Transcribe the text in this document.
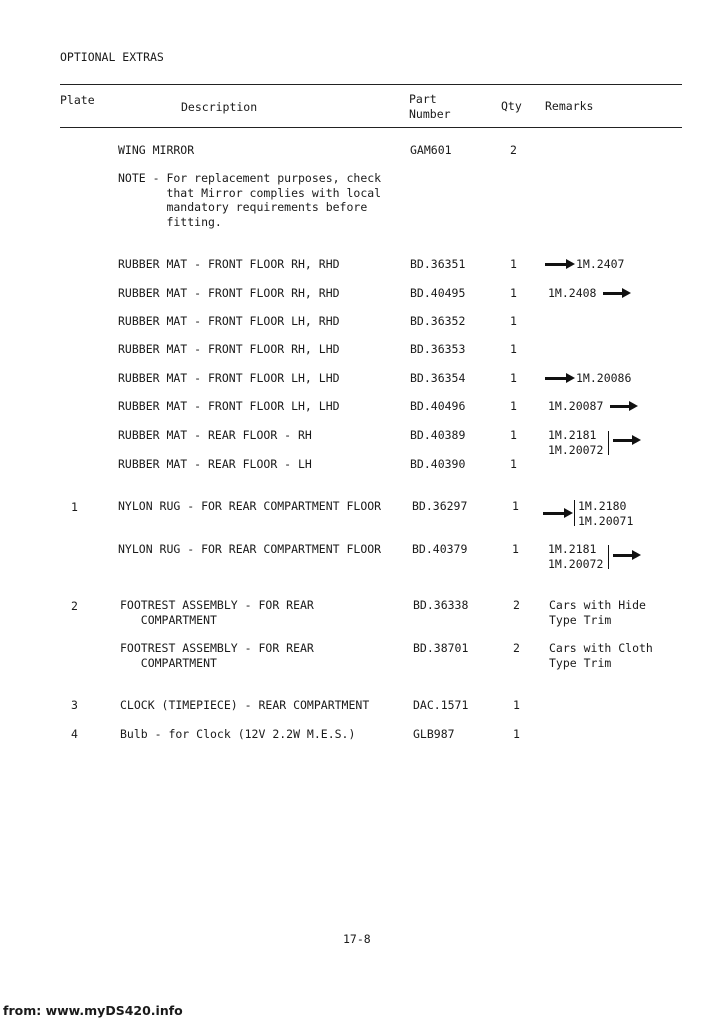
OPTIONAL EXTRAS
Plate	Description
Part
Number
Qty Remarks
WING MIRROR	GAM601	2
NOTE - For replacement purposes, check
that Mirror complies with local
mandatory requirements before
fitting.
RUBBER MAT - FRONT FLOOR RH, RHD	BD.36351	1	1M.2407
RUBBER MAT - FRONT FLOOR RH, RHD	BD.40495	1	1M.2408
RUBBER MAT - FRONT FLOOR LH, RHD	BD.36352	1
RUBBER MAT - FRONT FLOOR RH, LHD	BD.36353	1
RUBBER MAT - FRONT FLOOR LH, LHD	BD.36354	1	1M.20086
RUBBER MAT - FRONT FLOOR LH, LHD	BD.40496	1	1M.20087
RUBBER MAT - REAR FLOOR - RH	BD.40389	1	1M.2181
1M.20072
RUBBER MAT - REAR FLOOR - LH	BD.40390	1
1	NYLON RUG - FOR REAR COMPARTMENT FLOOR	BD.36297	1	1M.2180
1M.20071
NYLON RUG - FOR REAR COMPARTMENT FLOOR	BD.40379	1	1M.2181
1M.20072
2	FOOTREST ASSEMBLY - FOR REAR
COMPARTMENT
BD.36338	2	Cars with Hide
Type Trim
FOOTREST ASSEMBLY - FOR REAR
COMPARTMENT
BD.38701	2	Cars with Cloth
Type Trim
3	CLOCK (TIMEPIECE) - REAR COMPARTMENT	DAC.1571	1
4	Bulb - for Clock (12V 2.2W M.E.S.)	GLB987	1
17-8
from: www.myDS420.info
